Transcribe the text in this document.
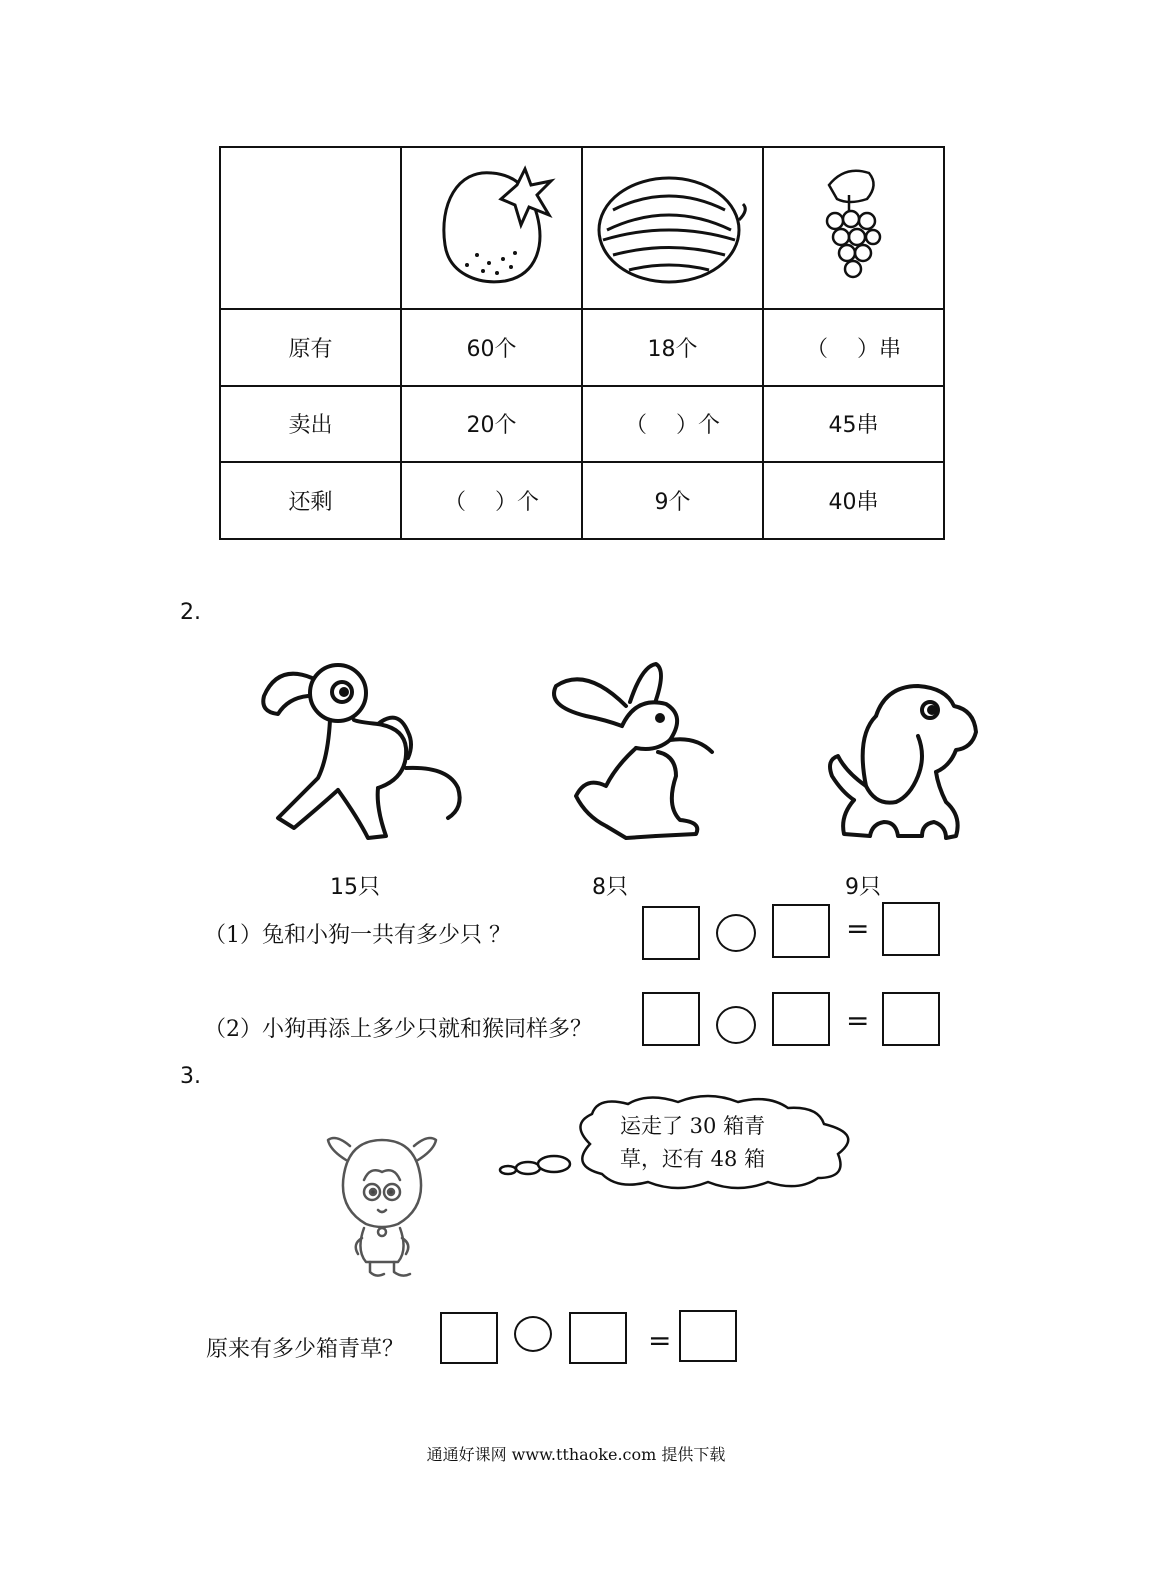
原有	60个	18个	（　 ）串
卖出	20个	（　 ）个	45串
还剩	（　 ）个	9个	40串
2.
15只	8只	9只
（1）兔和小狗一共有多少只 ？	=
（2）小狗再添上多少只就和猴同样多？	=
3.
运走了 30 箱青
草，还有 48 箱
原来有多少箱青草？	=
通通好课网 www.tthaoke.com 提供下载
